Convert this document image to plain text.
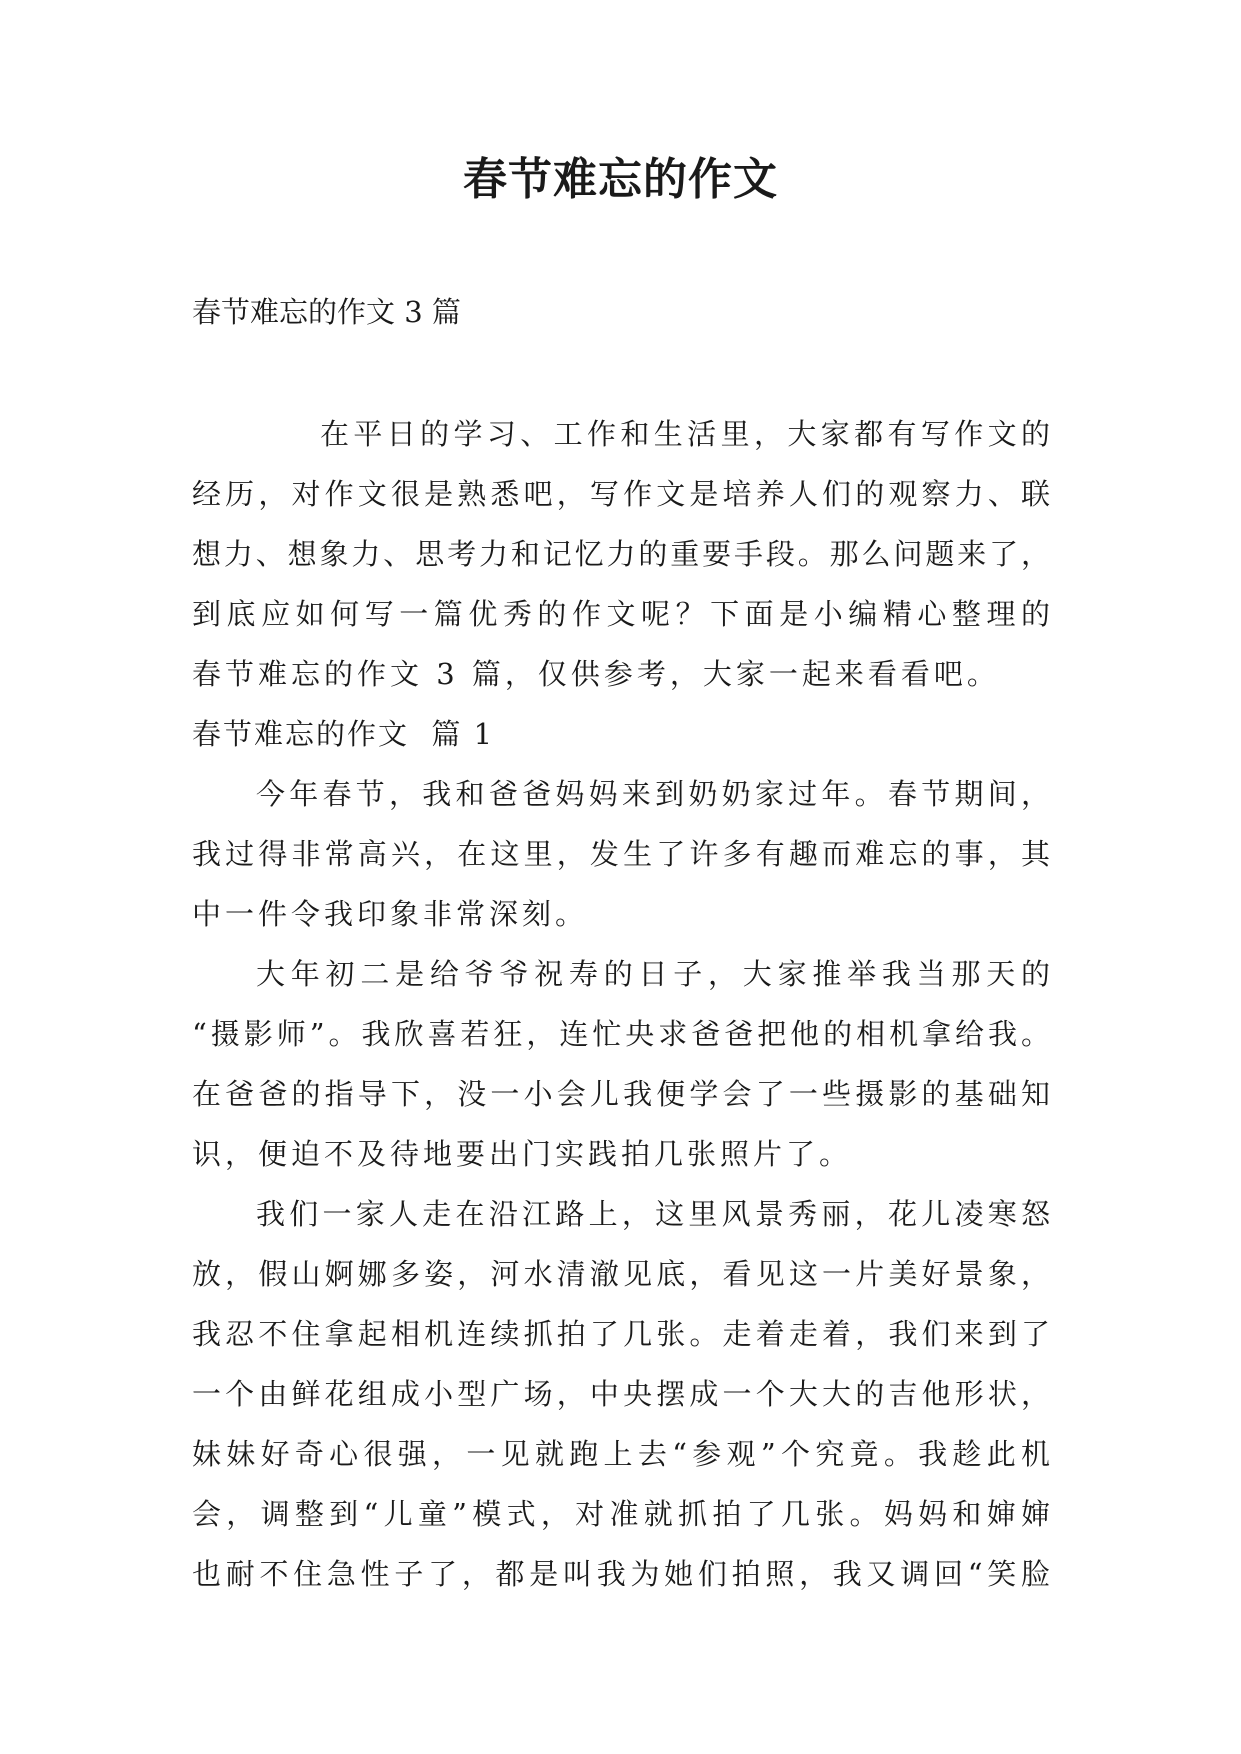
春节难忘的作文
春节难忘的作文 3 篇
在平日的学习、工作和生活里，大家都有写作文的
经历，对作文很是熟悉吧，写作文是培养人们的观察力、联
想力、想象力、思考力和记忆力的重要手段。那么问题来了，
到底应如何写一篇优秀的作文呢？下面是小编精心整理的
春节难忘的作文 3 篇，仅供参考，大家一起来看看吧。
春节难忘的作文  篇 1
今年春节，我和爸爸妈妈来到奶奶家过年。春节期间，
我过得非常高兴，在这里，发生了许多有趣而难忘的事，其
中一件令我印象非常深刻。
大年初二是给爷爷祝寿的日子，大家推举我当那天的
“摄影师”。我欣喜若狂，连忙央求爸爸把他的相机拿给我。
在爸爸的指导下，没一小会儿我便学会了一些摄影的基础知
识，便迫不及待地要出门实践拍几张照片了。
我们一家人走在沿江路上，这里风景秀丽，花儿凌寒怒
放，假山婀娜多姿，河水清澈见底，看见这一片美好景象，
我忍不住拿起相机连续抓拍了几张。走着走着，我们来到了
一个由鲜花组成小型广场，中央摆成一个大大的吉他形状，
妹妹好奇心很强，一见就跑上去“参观”个究竟。我趁此机
会，调整到“儿童”模式，对准就抓拍了几张。妈妈和婶婶
也耐不住急性子了，都是叫我为她们拍照，我又调回“笑脸
